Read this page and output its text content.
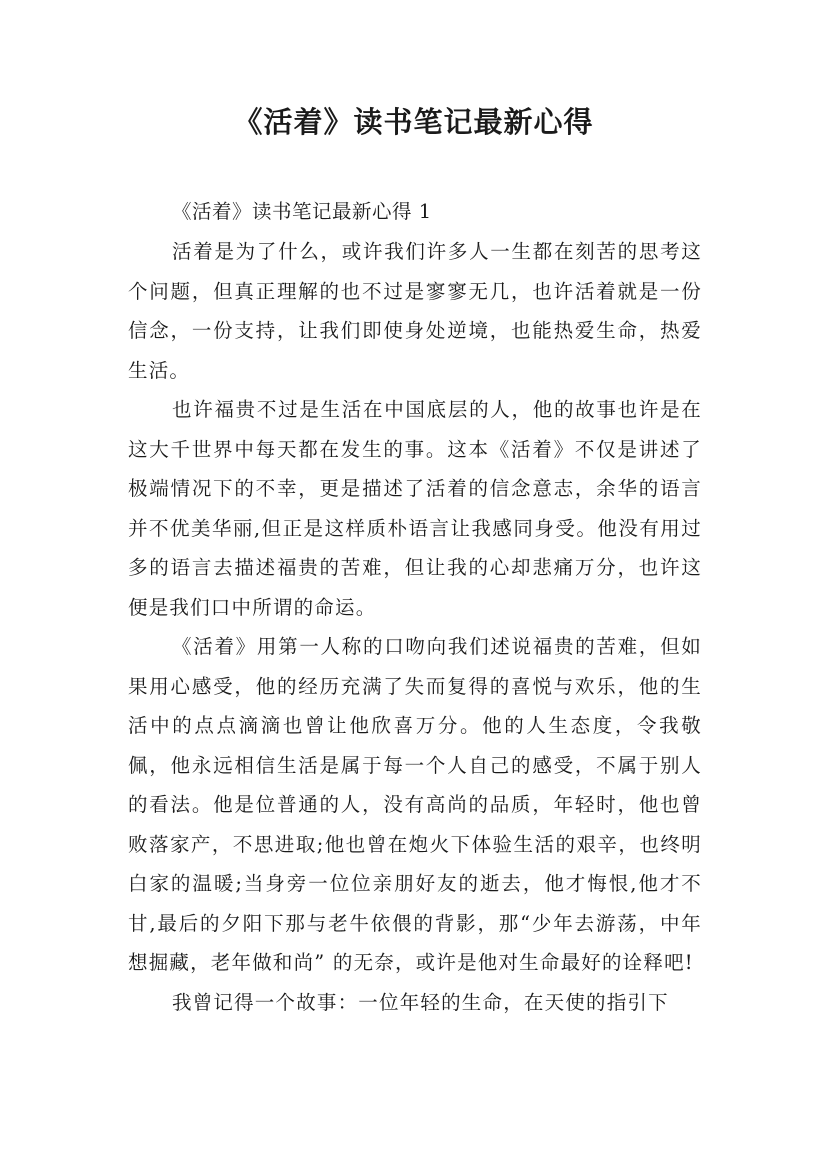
《活着》读书笔记最新心得

《活着》读书笔记最新心得 1

活着是为了什么，或许我们许多人一生都在刻苦的思考这个问题，但真正理解的也不过是寥寥无几，也许活着就是一份信念，一份支持，让我们即使身处逆境，也能热爱生命，热爱生活。

也许福贵不过是生活在中国底层的人，他的故事也许是在这大千世界中每天都在发生的事。这本《活着》不仅是讲述了极端情况下的不幸，更是描述了活着的信念意志，余华的语言并不优美华丽,但正是这样质朴语言让我感同身受。他没有用过多的语言去描述福贵的苦难，但让我的心却悲痛万分，也许这便是我们口中所谓的命运。

《活着》用第一人称的口吻向我们述说福贵的苦难，但如果用心感受，他的经历充满了失而复得的喜悦与欢乐，他的生活中的点点滴滴也曾让他欣喜万分。他的人生态度，令我敬佩，他永远相信生活是属于每一个人自己的感受，不属于别人的看法。他是位普通的人，没有高尚的品质，年轻时，他也曾败落家产，不思进取;他也曾在炮火下体验生活的艰辛，也终明白家的温暖;当身旁一位位亲朋好友的逝去，他才悔恨,他才不甘,最后的夕阳下那与老牛依偎的背影，那“少年去游荡，中年想掘藏，老年做和尚” 的无奈，或许是他对生命最好的诠释吧!

我曾记得一个故事：一位年轻的生命，在天使的指引下
